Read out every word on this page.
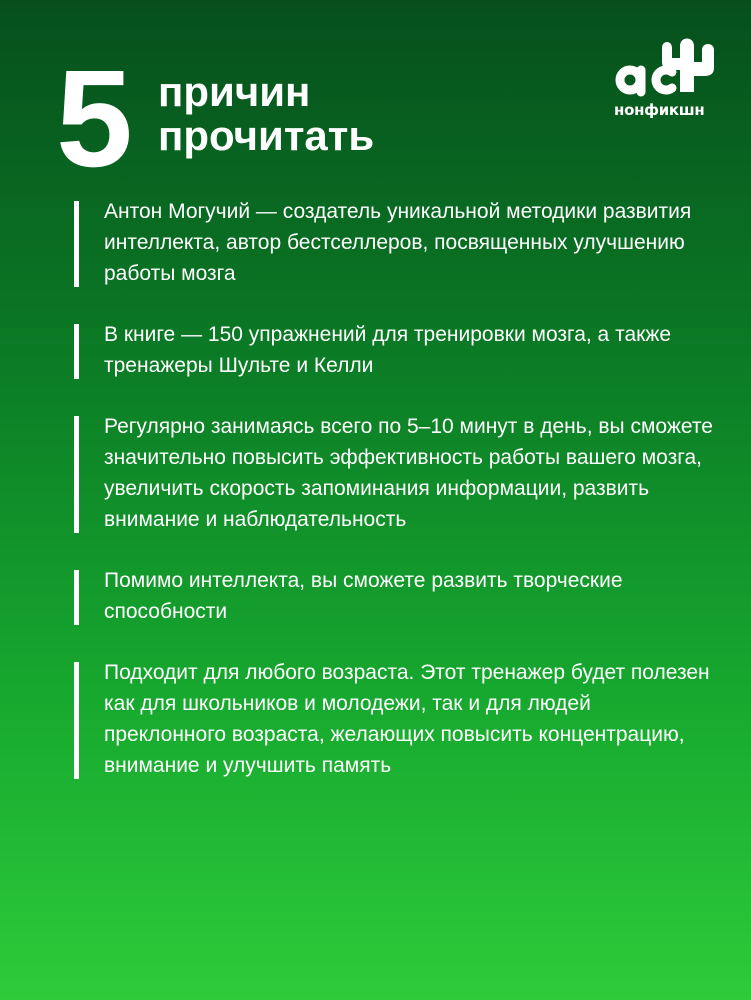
5 причин
прочитать
нонфикшн
Антон Могучий — создатель уникальной методики развития интеллекта, автор бестселлеров, посвященных улучшению работы мозга
В книге — 150 упражнений для тренировки мозга, а также тренажеры Шульте и Келли
Регулярно занимаясь всего по 5–10 минут в день, вы сможете значительно повысить эффективность работы вашего мозга, увеличить скорость запоминания информации, развить внимание и наблюдательность
Помимо интеллекта, вы сможете развить творческие способности
Подходит для любого возраста. Этот тренажер будет полезен как для школьников и молодежи, так и для людей преклонного возраста, желающих повысить концентрацию, внимание и улучшить память
